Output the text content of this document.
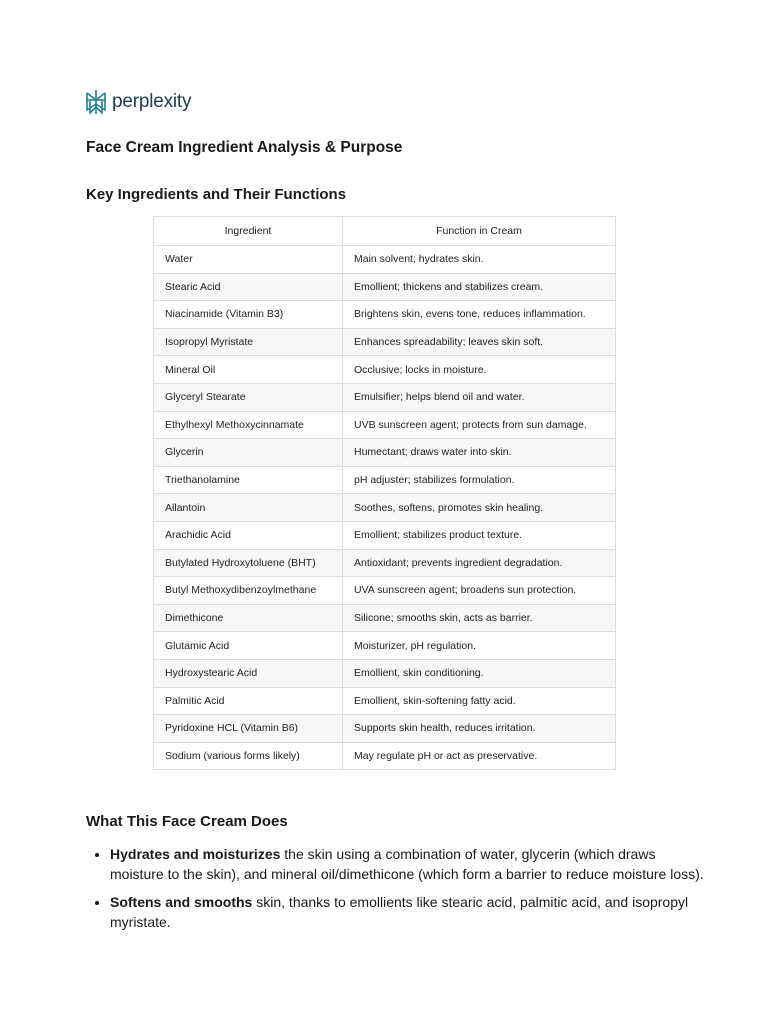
perplexity
Face Cream Ingredient Analysis & Purpose
Key Ingredients and Their Functions
Ingredient	Function in Cream
Water	Main solvent; hydrates skin.
Stearic Acid	Emollient; thickens and stabilizes cream.
Niacinamide (Vitamin B3)	Brightens skin, evens tone, reduces inflammation.
Isopropyl Myristate	Enhances spreadability; leaves skin soft.
Mineral Oil	Occlusive; locks in moisture.
Glyceryl Stearate	Emulsifier; helps blend oil and water.
Ethylhexyl Methoxycinnamate	UVB sunscreen agent; protects from sun damage.
Glycerin	Humectant; draws water into skin.
Triethanolamine	pH adjuster; stabilizes formulation.
Allantoin	Soothes, softens, promotes skin healing.
Arachidic Acid	Emollient; stabilizes product texture.
Butylated Hydroxytoluene (BHT)	Antioxidant; prevents ingredient degradation.
Butyl Methoxydibenzoylmethane	UVA sunscreen agent; broadens sun protection.
Dimethicone	Silicone; smooths skin, acts as barrier.
Glutamic Acid	Moisturizer, pH regulation.
Hydroxystearic Acid	Emollient, skin conditioning.
Palmitic Acid	Emollient, skin-softening fatty acid.
Pyridoxine HCL (Vitamin B6)	Supports skin health, reduces irritation.
Sodium (various forms likely)	May regulate pH or act as preservative.
What This Face Cream Does
• Hydrates and moisturizes the skin using a combination of water, glycerin (which draws moisture to the skin), and mineral oil/dimethicone (which form a barrier to reduce moisture loss).
• Softens and smooths skin, thanks to emollients like stearic acid, palmitic acid, and isopropyl myristate.
